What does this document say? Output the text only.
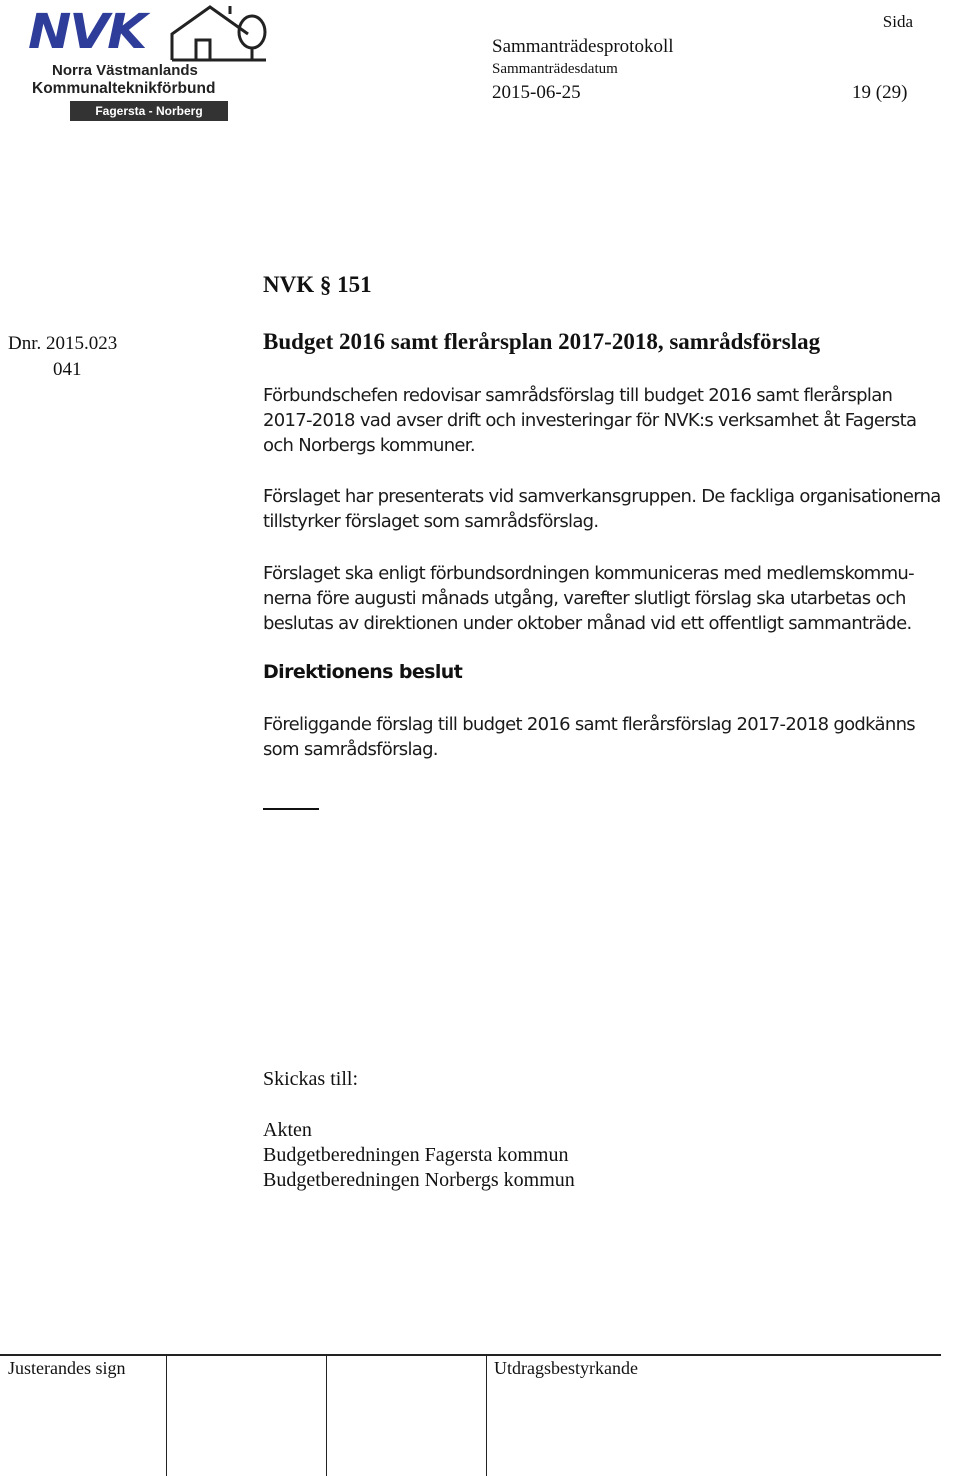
NVK
Norra Västmanlands
Kommunalteknikförbund
Fagersta - Norberg
Sida
Sammanträdesprotokoll
Sammanträdesdatum
2015-06-25	19 (29)
NVK § 151
Dnr. 2015.023
041
Budget 2016 samt flerårsplan 2017-2018, samrådsförslag
Förbundschefen redovisar samrådsförslag till budget 2016 samt flerårsplan
2017-2018 vad avser drift och investeringar för NVK:s verksamhet åt Fagersta
och Norbergs kommuner.
Förslaget har presenterats vid samverkansgruppen. De fackliga organisationerna
tillstyrker förslaget som samrådsförslag.
Förslaget ska enligt förbundsordningen kommuniceras med medlemskommu-
nerna före augusti månads utgång, varefter slutligt förslag ska utarbetas och
beslutas av direktionen under oktober månad vid ett offentligt sammanträde.
Direktionens beslut
Föreliggande förslag till budget 2016 samt flerårsförslag 2017-2018 godkänns
som samrådsförslag.
Skickas till:
Akten
Budgetberedningen Fagersta kommun
Budgetberedningen Norbergs kommun
Justerandes sign	Utdragsbestyrkande
